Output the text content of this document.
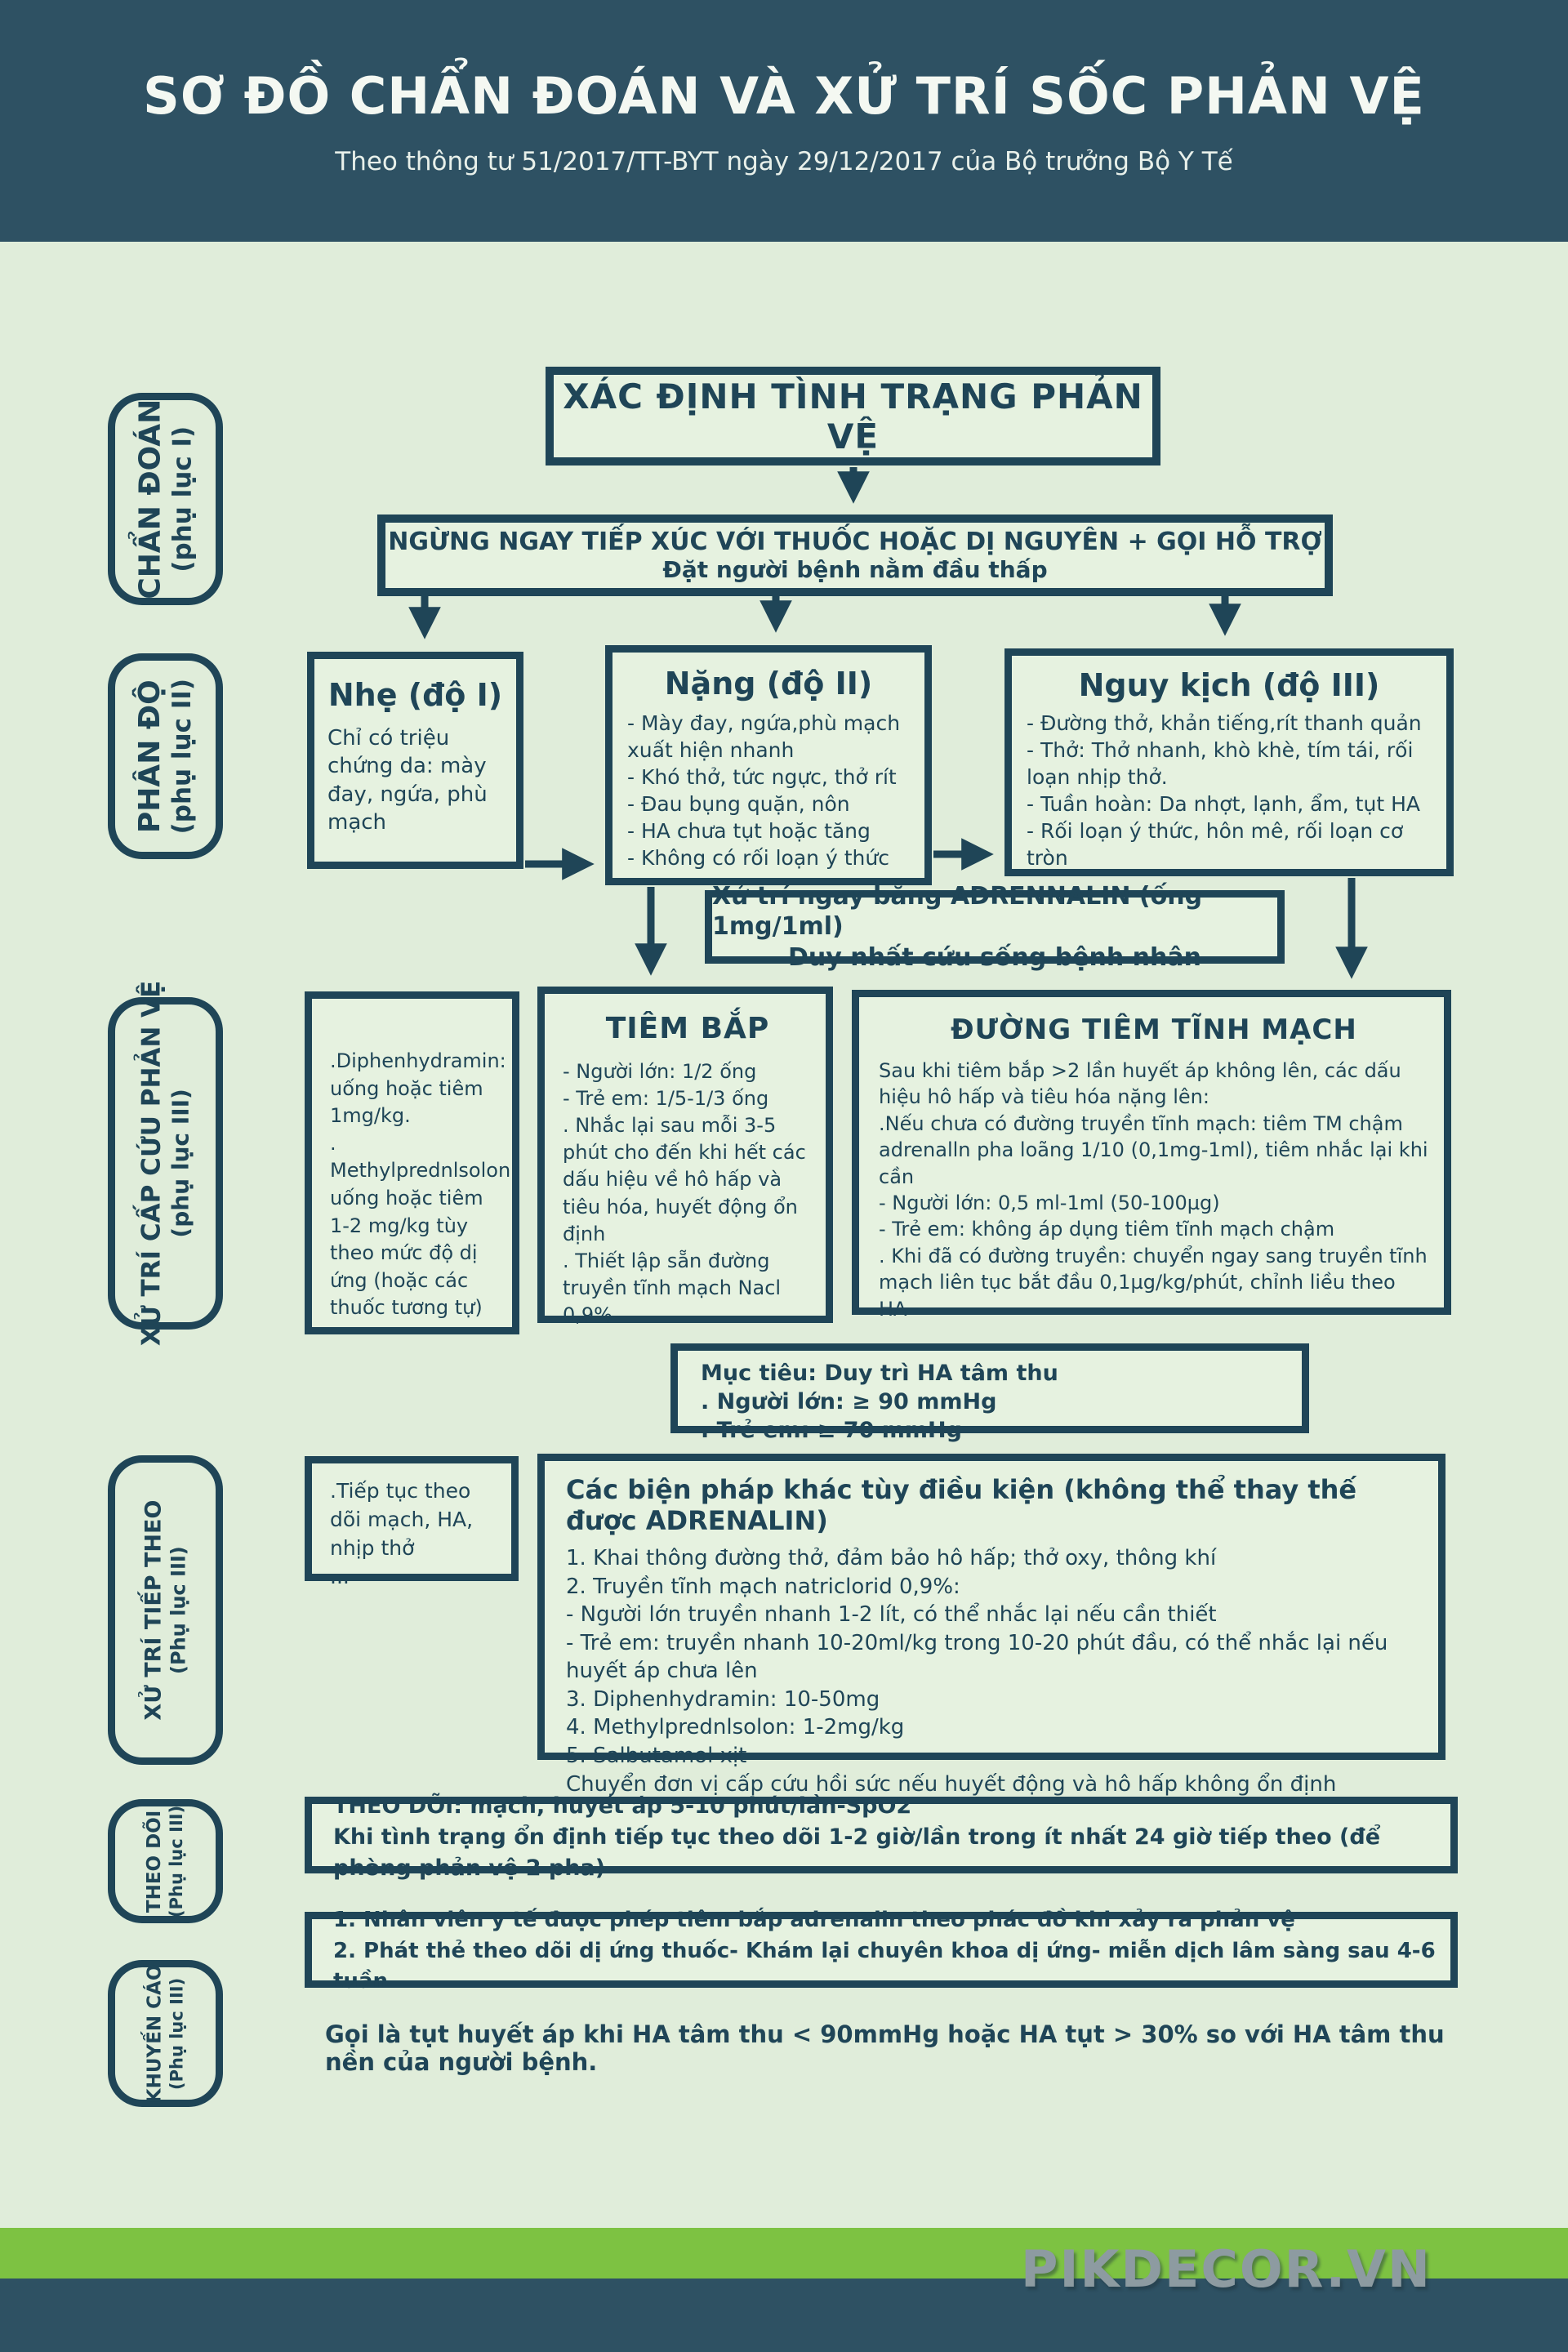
SƠ ĐỒ CHẨN ĐOÁN VÀ XỬ TRÍ SỐC PHẢN VỆ
Theo thông tư 51/2017/TT-BYT ngày 29/12/2017 của Bộ trưởng Bộ Y Tế
CHẨN ĐOÁN (phụ lục I)
PHÂN ĐỘ (phụ lục II)
XỬ TRÍ CẤP CỨU PHẢN VỆ (phụ lục III)
XỬ TRÍ TIẾP THEO (Phụ lục III)
THEO DÕI (Phụ lục III)
KHUYẾN CÁO (Phụ lục III)
XÁC ĐỊNH TÌNH TRẠNG PHẢN VỆ
NGỪNG NGAY TIẾP XÚC VỚI THUỐC HOẶC DỊ NGUYÊN + GỌI HỖ TRỢ
Đặt người bệnh nằm đầu thấp
Nhẹ (độ I)
Chỉ có triệu chứng da: mày đay, ngứa, phù mạch
Nặng (độ II)
- Mày đay, ngứa,phù mạch xuất hiện nhanh
- Khó thở, tức ngực, thở rít
- Đau bụng quặn, nôn
- HA chưa tụt hoặc tăng
- Không có rối loạn ý thức
Nguy kịch (độ III)
- Đường thở, khản tiếng,rít thanh quản
- Thở: Thở nhanh, khò khè, tím tái, rối loạn nhịp thở.
- Tuần hoàn: Da nhợt, lạnh, ẩm, tụt HA
- Rối loạn ý thức, hôn mê, rối loạn cơ tròn
Xử trí ngay bằng ADRENNALIN (ống 1mg/1ml)
Duy nhất cứu sống bệnh nhân
.Diphenhydramin: uống hoặc tiêm 1mg/kg.
. Methylprednlsolon uống hoặc tiêm 1-2 mg/kg tùy theo mức độ dị ứng (hoặc các thuốc tương tự)
TIÊM BẮP
- Người lớn: 1/2 ống
- Trẻ em: 1/5-1/3 ống
. Nhắc lại sau mỗi 3-5 phút cho đến khi hết các dấu hiệu về hô hấp và tiêu hóa, huyết động ổn định
. Thiết lập sẵn đường truyền tĩnh mạch Nacl 0,9%
ĐƯỜNG TIÊM TĨNH MẠCH
Sau khi tiêm bắp >2 lần huyết áp không lên, các dấu hiệu hô hấp và tiêu hóa nặng lên:
.Nếu chưa có đường truyền tĩnh mạch: tiêm TM chậm adrenalln pha loãng 1/10 (0,1mg-1ml), tiêm nhắc lại khi cần
- Người lớn: 0,5 ml-1ml (50-100µg)
- Trẻ em: không áp dụng tiêm tĩnh mạch chậm
. Khi đã có đường truyền: chuyển ngay sang truyền tĩnh mạch liên tục bắt đầu 0,1µg/kg/phút, chỉnh liều theo HA
Mục tiêu: Duy trì HA tâm thu
. Người lớn: ≥ 90 mmHg
. Trẻ em: ≥ 70 mmHg
.Tiếp tục theo dõi mạch, HA, nhịp thở
...
Các biện pháp khác tùy điều kiện (không thể thay thế được ADRENALIN)
1. Khai thông đường thở, đảm bảo hô hấp; thở oxy, thông khí
2. Truyền tĩnh mạch natriclorid 0,9%:
- Người lớn truyền nhanh 1-2 lít, có thể nhắc lại nếu cần thiết
- Trẻ em: truyền nhanh 10-20ml/kg trong 10-20 phút đầu, có thể nhắc lại nếu huyết áp chưa lên
3. Diphenhydramin: 10-50mg
4. Methylprednlsolon: 1-2mg/kg
5. Salbutamol xịt
Chuyển đơn vị cấp cứu hồi sức nếu huyết động và hô hấp không ổn định
THEO DÕI: mạch, huyết áp 5-10 phút/lần-SpO2
Khi tình trạng ổn định tiếp tục theo dõi 1-2 giờ/lần trong ít nhất 24 giờ tiếp theo (để phòng phản vệ 2 pha)
1. Nhân viên y tế được phép tiêm bắp adrenalin theo phác đồ khi xảy ra phản vệ
2. Phát thẻ theo dõi dị ứng thuốc- Khám lại chuyên khoa dị ứng- miễn dịch lâm sàng sau 4-6 tuần
Gọi là tụt huyết áp khi HA tâm thu < 90mmHg hoặc HA tụt > 30% so với HA tâm thu nền của người bệnh.
PIKDECOR.VN
